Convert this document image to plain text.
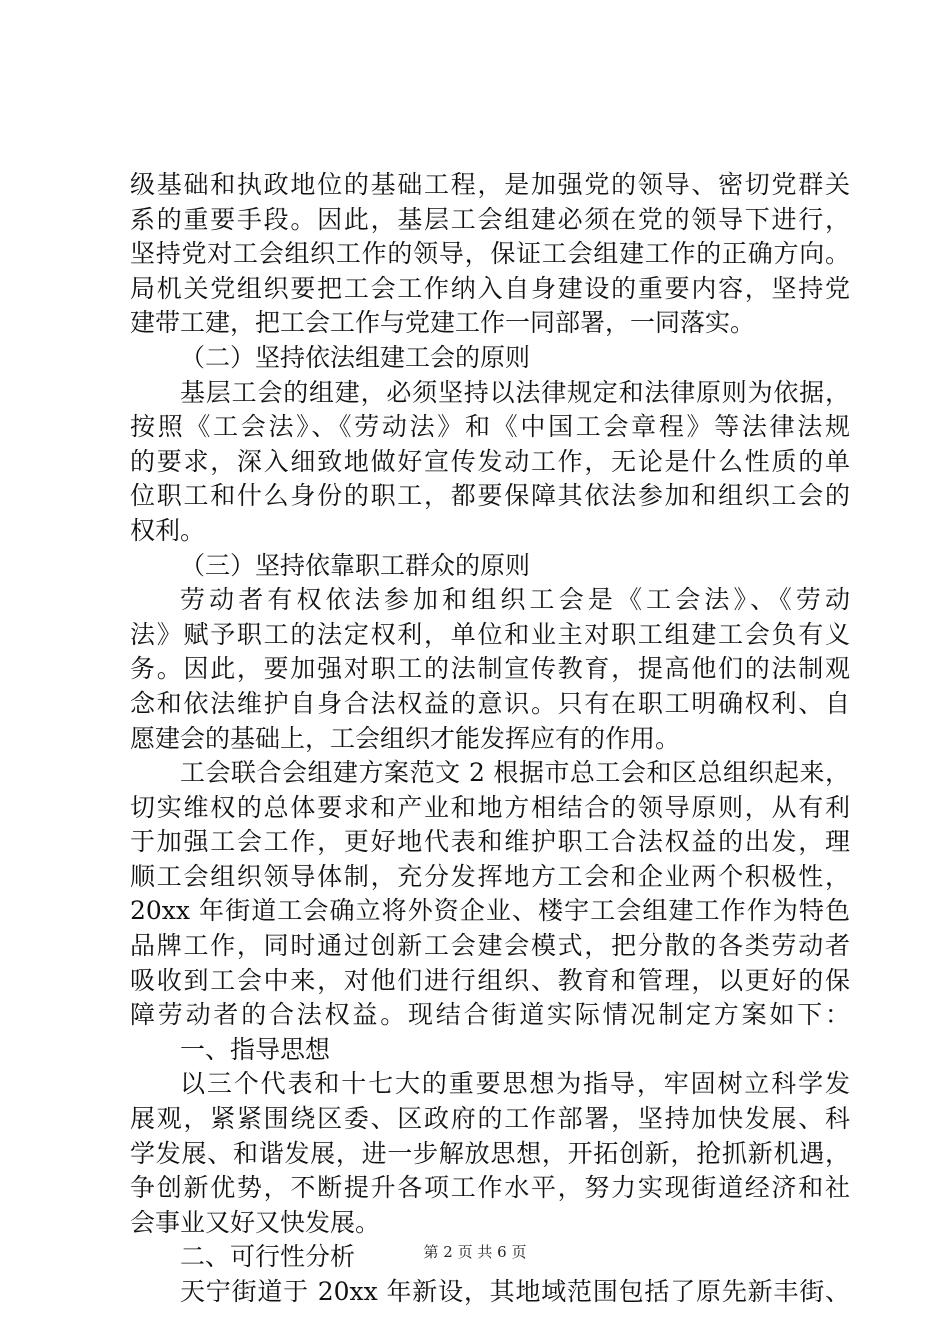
级基础和执政地位的基础工程，是加强党的领导、密切党群关
系的重要手段。因此，基层工会组建必须在党的领导下进行，
坚持党对工会组织工作的领导，保证工会组建工作的正确方向。
局机关党组织要把工会工作纳入自身建设的重要内容，坚持党
建带工建，把工会工作与党建工作一同部署，一同落实。
（二）坚持依法组建工会的原则
基层工会的组建，必须坚持以法律规定和法律原则为依据，
按照《工会法》、《劳动法》和《中国工会章程》等法律法规
的要求，深入细致地做好宣传发动工作，无论是什么性质的单
位职工和什么身份的职工，都要保障其依法参加和组织工会的
权利。
（三）坚持依靠职工群众的原则
劳动者有权依法参加和组织工会是《工会法》、《劳动
法》赋予职工的法定权利，单位和业主对职工组建工会负有义
务。因此，要加强对职工的法制宣传教育，提高他们的法制观
念和依法维护自身合法权益的意识。只有在职工明确权利、自
愿建会的基础上，工会组织才能发挥应有的作用。
工会联合会组建方案范文 2 根据市总工会和区总组织起来，
切实维权的总体要求和产业和地方相结合的领导原则，从有利
于加强工会工作，更好地代表和维护职工合法权益的出发，理
顺工会组织领导体制，充分发挥地方工会和企业两个积极性，
20xx 年街道工会确立将外资企业、楼宇工会组建工作作为特色
品牌工作，同时通过创新工会建会模式，把分散的各类劳动者
吸收到工会中来，对他们进行组织、教育和管理，以更好的保
障劳动者的合法权益。现结合街道实际情况制定方案如下：
一、指导思想
以三个代表和十七大的重要思想为指导，牢固树立科学发
展观，紧紧围绕区委、区政府的工作部署，坚持加快发展、科
学发展、和谐发展，进一步解放思想，开拓创新，抢抓新机遇，
争创新优势，不断提升各项工作水平，努力实现街道经济和社
会事业又好又快发展。
二、可行性分析
天宁街道于 20xx 年新设，其地域范围包括了原先新丰街、
第 2 页 共 6 页
